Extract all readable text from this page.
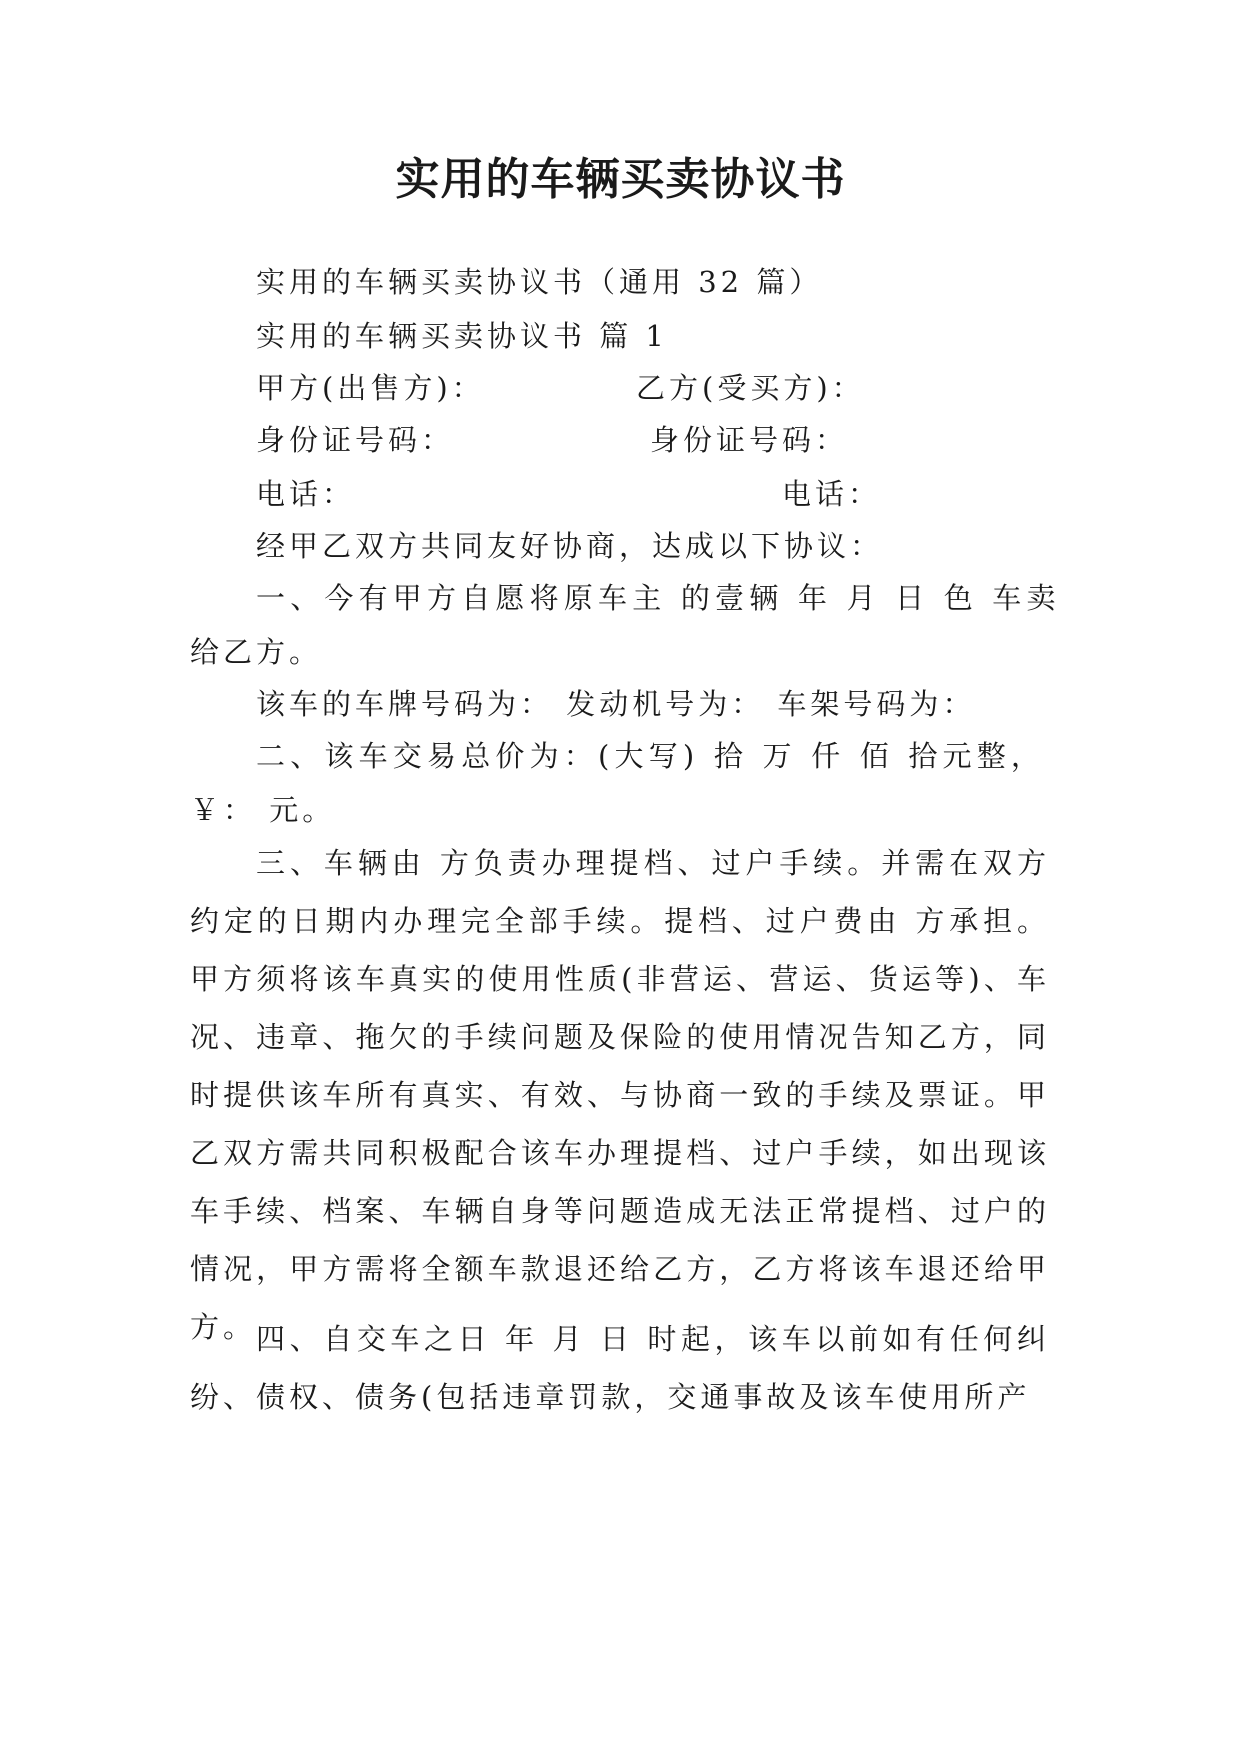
实用的车辆买卖协议书
实用的车辆买卖协议书（通用 32 篇）
实用的车辆买卖协议书 篇 1
甲方(出售方)：	乙方(受买方)：
身份证号码：	身份证号码：
电话：	电话：
经甲乙双方共同友好协商，达成以下协议：
一、今有甲方自愿将原车主 的壹辆 年 月 日 色 车卖
给乙方。
该车的车牌号码为： 发动机号为： 车架号码为：
二、该车交易总价为：(大写) 拾 万 仟 佰 拾元整，
￥： 元。

三、车辆由 方负责办理提档、过户手续。并需在双方约定的日期内办理完全部手续。提档、过户费由 方承担。甲方须将该车真实的使用性质(非营运、营运、货运等)、车况、违章、拖欠的手续问题及保险的使用情况告知乙方，同时提供该车所有真实、有效、与协商一致的手续及票证。甲乙双方需共同积极配合该车办理提档、过户手续，如出现该车手续、档案、车辆自身等问题造成无法正常提档、过户的情况，甲方需将全额车款退还给乙方，乙方将该车退还给甲方。 四、自交车之日 年 月 日 时起，该车以前如有任何纠纷、债权、债务(包括违章罚款，交通事故及该车使用所产
